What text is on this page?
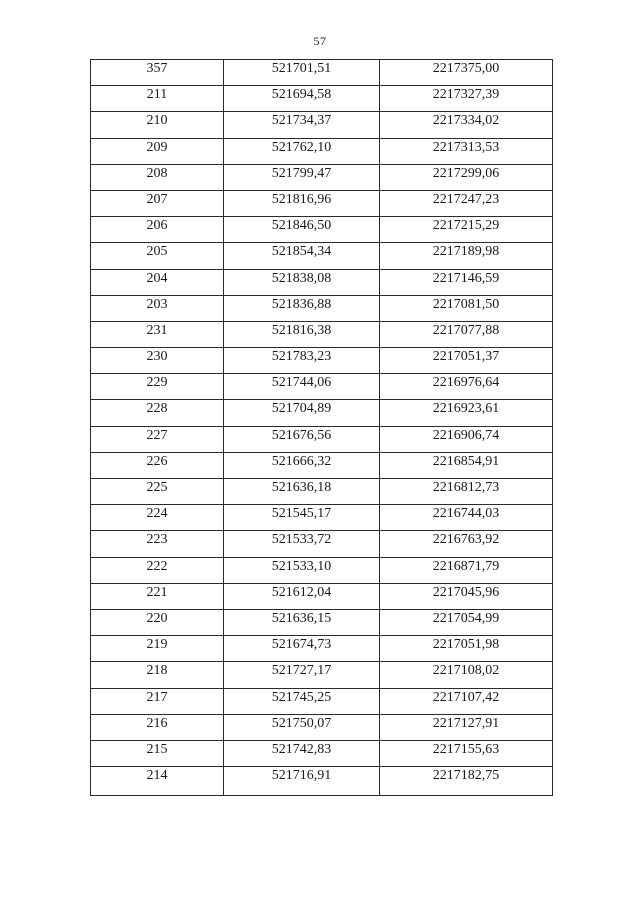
57
357	521701,51	2217375,00
211	521694,58	2217327,39
210	521734,37	2217334,02
209	521762,10	2217313,53
208	521799,47	2217299,06
207	521816,96	2217247,23
206	521846,50	2217215,29
205	521854,34	2217189,98
204	521838,08	2217146,59
203	521836,88	2217081,50
231	521816,38	2217077,88
230	521783,23	2217051,37
229	521744,06	2216976,64
228	521704,89	2216923,61
227	521676,56	2216906,74
226	521666,32	2216854,91
225	521636,18	2216812,73
224	521545,17	2216744,03
223	521533,72	2216763,92
222	521533,10	2216871,79
221	521612,04	2217045,96
220	521636,15	2217054,99
219	521674,73	2217051,98
218	521727,17	2217108,02
217	521745,25	2217107,42
216	521750,07	2217127,91
215	521742,83	2217155,63
214	521716,91	2217182,75
